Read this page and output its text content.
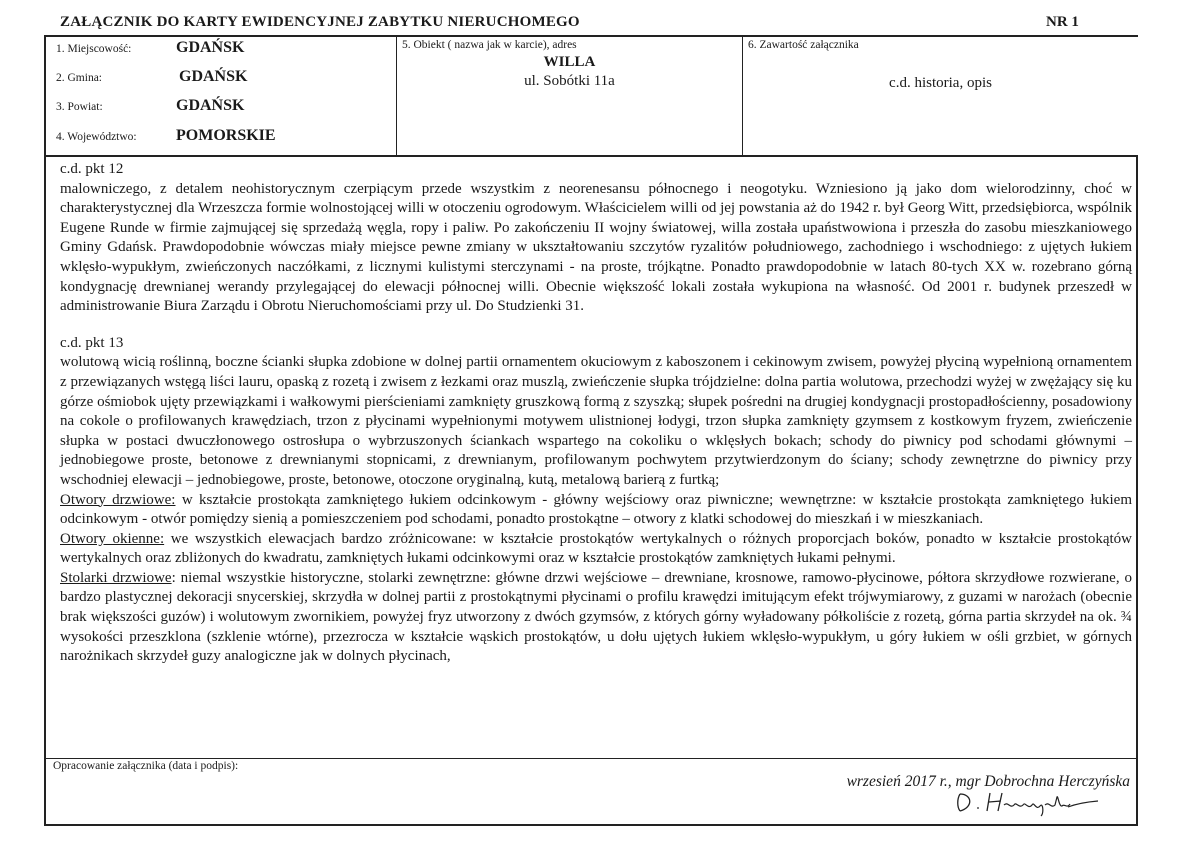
ZAŁĄCZNIK DO KARTY EWIDENCYJNEJ ZABYTKU NIERUCHOMEGO	NR 1
1. Miejscowość:	GDAŃSK
2. Gmina:	GDAŃSK
3. Powiat:	GDAŃSK
4. Województwo: POMORSKIE
5. Obiekt ( nazwa jak w karcie), adres
WILLA
ul. Sobótki 11a
6. Zawartość załącznika
c.d. historia, opis

c.d. pkt 12

malowniczego, z detalem neohistorycznym czerpiącym przede wszystkim z neorenesansu północnego i neogotyku. Wzniesiono ją jako dom wielorodzinny, choć w charakterystycznej dla Wrzeszcza formie wolnostojącej willi w otoczeniu ogrodowym. Właścicielem willi od jej powstania aż do 1942 r. był Georg Witt, przedsiębiorca, wspólnik Eugene Runde w firmie zajmującej się sprzedażą węgla, ropy i paliw. Po zakończeniu II wojny światowej, willa została upaństwowiona i przeszła do zasobu mieszkaniowego Gminy Gdańsk. Prawdopodobnie wówczas miały miejsce pewne zmiany w ukształtowaniu szczytów ryzalitów południowego, zachodniego i wschodniego: z ujętych łukiem wklęsło-wypukłym, zwieńczonych naczółkami, z licznymi kulistymi sterczynami - na proste, trójkątne. Ponadto prawdopodobnie w latach 80-tych XX w. rozebrano górną kondygnację drewnianej werandy przylegającej do elewacji północnej willi. Obecnie większość lokali została wykupiona na własność. Od 2001 r. budynek przeszedł w administrowanie Biura Zarządu i Obrotu Nieruchomościami przy ul. Do Studzienki 31.

c.d. pkt 13

wolutową wicią roślinną, boczne ścianki słupka zdobione w dolnej partii ornamentem okuciowym z kaboszonem i cekinowym zwisem, powyżej płyciną wypełnioną ornamentem z przewiązanych wstęgą liści lauru, opaską z rozetą i zwisem z łezkami oraz muszlą, zwieńczenie słupka trójdzielne: dolna partia wolutowa, przechodzi wyżej w zwężający się ku górze ośmiobok ujęty przewiązkami i wałkowymi pierścieniami zamknięty gruszkową formą z szyszką; słupek pośredni na drugiej kondygnacji prostopadłościenny, posadowiony na cokole o profilowanych krawędziach, trzon z płycinami wypełnionymi motywem ulistnionej łodygi, trzon słupka zamknięty gzymsem z kostkowym fryzem, zwieńczenie słupka w postaci dwuczłonowego ostrosłupa o wybrzuszonych ściankach wspartego na cokoliku o wklęsłych bokach; schody do piwnicy pod schodami głównymi – jednobiegowe proste, betonowe z drewnianymi stopnicami, z drewnianym, profilowanym pochwytem przytwierdzonym do ściany; schody zewnętrzne do piwnicy przy wschodniej elewacji – jednobiegowe, proste, betonowe, otoczone oryginalną, kutą, metalową barierą z furtką;

Otwory drzwiowe: w kształcie prostokąta zamkniętego łukiem odcinkowym - główny wejściowy oraz piwniczne; wewnętrzne: w kształcie prostokąta zamkniętego łukiem odcinkowym - otwór pomiędzy sienią a pomieszczeniem pod schodami, ponadto prostokątne – otwory z klatki schodowej do mieszkań i w mieszkaniach.

Otwory okienne: we wszystkich elewacjach bardzo zróżnicowane: w kształcie prostokątów wertykalnych o różnych proporcjach boków, ponadto w kształcie prostokątów wertykalnych oraz zbliżonych do kwadratu, zamkniętych łukami odcinkowymi oraz w kształcie prostokątów zamkniętych łukami pełnymi.

Stolarki drzwiowe: niemal wszystkie historyczne, stolarki zewnętrzne: główne drzwi wejściowe – drewniane, krosnowe, ramowo-płycinowe, półtora skrzydłowe rozwierane, o bardzo plastycznej dekoracji snycerskiej, skrzydła w dolnej partii z prostokątnymi płycinami o profilu krawędzi imitującym efekt trójwymiarowy, z guzami w narożach (obecnie brak większości guzów) i wolutowym zwornikiem, powyżej fryz utworzony z dwóch gzymsów, z których górny wyładowany półkoliście z rozetą, górna partia skrzydeł na ok. ¾ wysokości przeszklona (szklenie wtórne), przezrocza w kształcie wąskich prostokątów, u dołu ujętych łukiem wklęsło-wypukłym, u góry łukiem w ośli grzbiet, w górnych narożnikach skrzydeł guzy analogiczne jak w dolnych płycinach,

Opracowanie załącznika (data i podpis):
wrzesień 2017 r., mgr Dobrochna Herczyńska
